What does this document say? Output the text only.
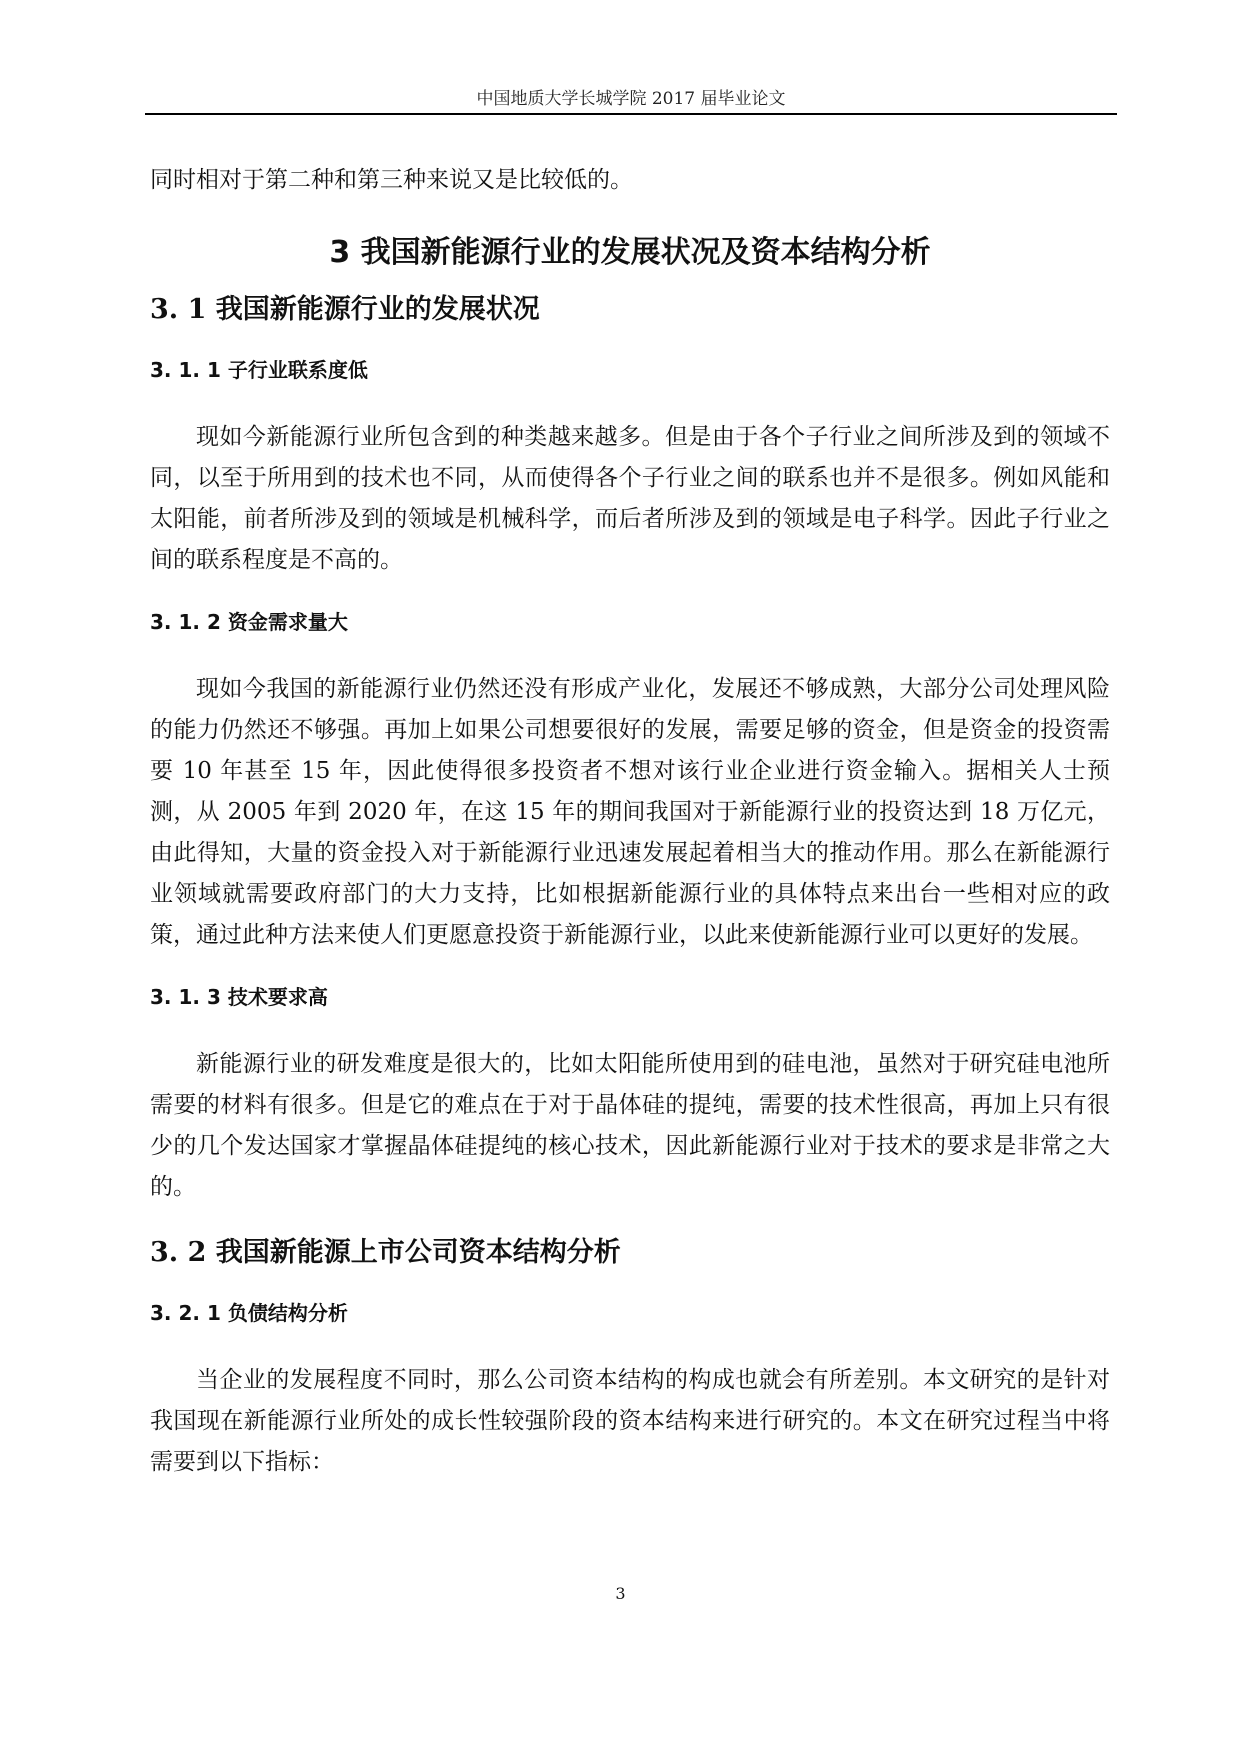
中国地质大学长城学院 2017 届毕业论文

同时相对于第二种和第三种来说又是比较低的。

3 我国新能源行业的发展状况及资本结构分析
3. 1 我国新能源行业的发展状况
3. 1. 1 子行业联系度低

现如今新能源行业所包含到的种类越来越多。但是由于各个子行业之间所涉及到的领域不同，以至于所用到的技术也不同，从而使得各个子行业之间的联系也并不是很多。例如风能和太阳能，前者所涉及到的领域是机械科学，而后者所涉及到的领域是电子科学。因此子行业之间的联系程度是不高的。

3. 1. 2 资金需求量大

现如今我国的新能源行业仍然还没有形成产业化，发展还不够成熟，大部分公司处理风险的能力仍然还不够强。再加上如果公司想要很好的发展，需要足够的资金，但是资金的投资需要 10 年甚至 15 年，因此使得很多投资者不想对该行业企业进行资金输入。据相关人士预测，从 2005 年到 2020 年，在这 15 年的期间我国对于新能源行业的投资达到 18 万亿元，由此得知，大量的资金投入对于新能源行业迅速发展起着相当大的推动作用。那么在新能源行业领域就需要政府部门的大力支持，比如根据新能源行业的具体特点来出台一些相对应的政策，通过此种方法来使人们更愿意投资于新能源行业，以此来使新能源行业可以更好的发展。

3. 1. 3 技术要求高

新能源行业的研发难度是很大的，比如太阳能所使用到的硅电池，虽然对于研究硅电池所需要的材料有很多。但是它的难点在于对于晶体硅的提纯，需要的技术性很高，再加上只有很少的几个发达国家才掌握晶体硅提纯的核心技术，因此新能源行业对于技术的要求是非常之大的。

3. 2 我国新能源上市公司资本结构分析
3. 2. 1 负债结构分析

当企业的发展程度不同时，那么公司资本结构的构成也就会有所差别。本文研究的是针对我国现在新能源行业所处的成长性较强阶段的资本结构来进行研究的。本文在研究过程当中将需要到以下指标：

3
